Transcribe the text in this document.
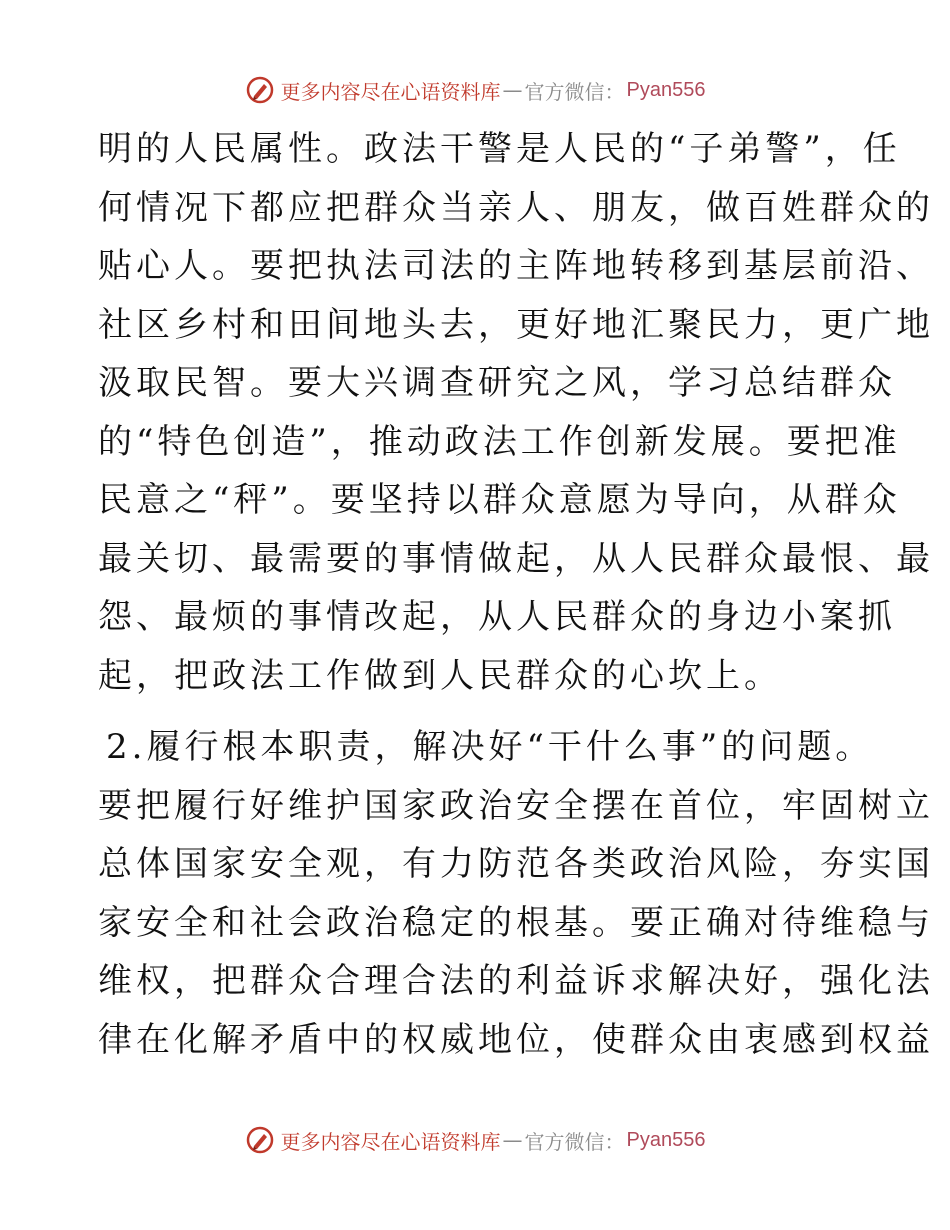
更多内容尽在心语资料库 — 官方微信： Pyan556

明的人民属性。政法干警是人民的“子弟警”，任
何情况下都应把群众当亲人、朋友，做百姓群众的
贴心人。要把执法司法的主阵地转移到基层前沿、
社区乡村和田间地头去，更好地汇聚民力，更广地
汲取民智。要大兴调查研究之风，学习总结群众
的“特色创造”，推动政法工作创新发展。要把准
民意之“秤”。要坚持以群众意愿为导向，从群众
最关切、最需要的事情做起，从人民群众最恨、最
怨、最烦的事情改起，从人民群众的身边小案抓
起，把政法工作做到人民群众的心坎上。

2.履行根本职责，解决好“干什么事”的问题。
要把履行好维护国家政治安全摆在首位，牢固树立
总体国家安全观，有力防范各类政治风险，夯实国
家安全和社会政治稳定的根基。要正确对待维稳与
维权，把群众合理合法的利益诉求解决好，强化法
律在化解矛盾中的权威地位，使群众由衷感到权益

更多内容尽在心语资料库 — 官方微信： Pyan556
